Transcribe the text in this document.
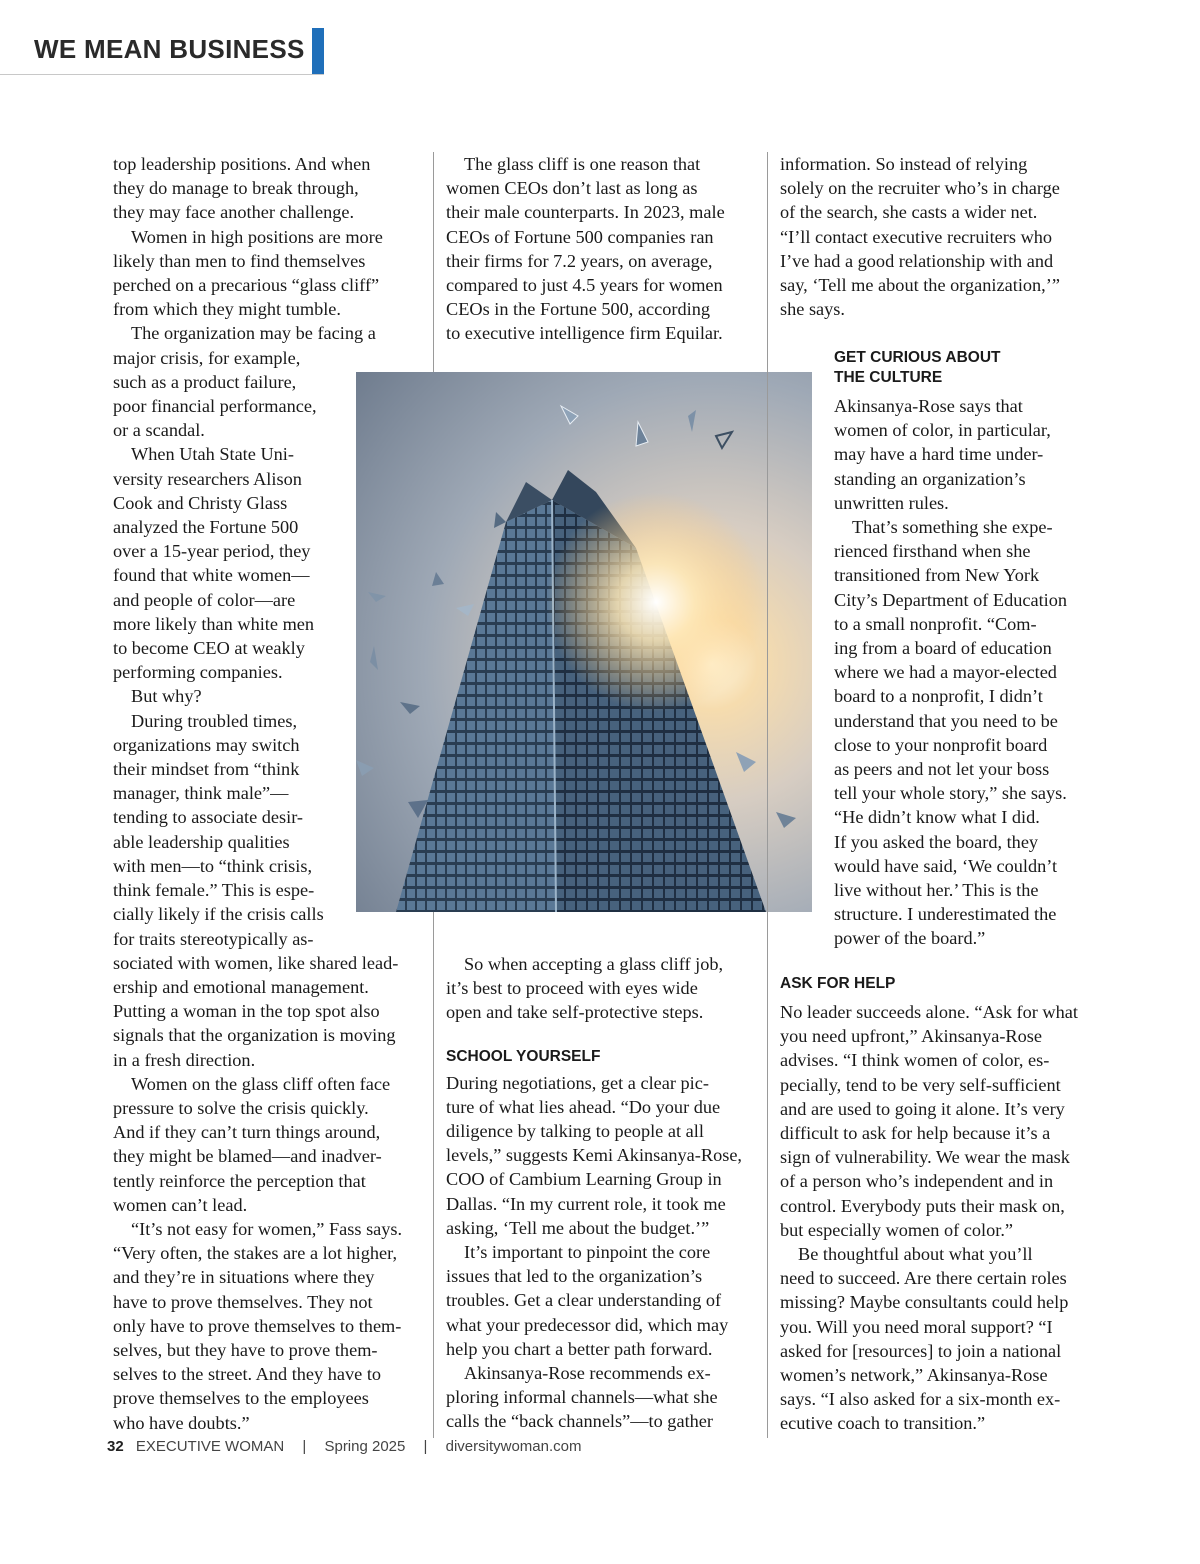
WE MEAN BUSINESS

top leadership positions. And when

they do manage to break through,

they may face another challenge.

Women in high positions are more

likely than men to find themselves

perched on a precarious “glass cliff”

from which they might tumble.

The organization may be facing a

major crisis, for example,

such as a product failure,

poor financial performance,

or a scandal.

When Utah State Uni-

versity researchers Alison

Cook and Christy Glass

analyzed the Fortune 500

over a 15-year period, they

found that white women—

and people of color—are

more likely than white men

to become CEO at weakly

performing companies.

But why?

During troubled times,

organizations may switch

their mindset from “think

manager, think male”—

tending to associate desir-

able leadership qualities

with men—to “think crisis,

think female.” This is espe-

cially likely if the crisis calls

for traits stereotypically as-

sociated with women, like shared lead-

ership and emotional management.

Putting a woman in the top spot also

signals that the organization is moving

in a fresh direction.

Women on the glass cliff often face

pressure to solve the crisis quickly.

And if they can’t turn things around,

they might be blamed—and inadver-

tently reinforce the perception that

women can’t lead.

“It’s not easy for women,” Fass says.

“Very often, the stakes are a lot higher,

and they’re in situations where they

have to prove themselves. They not

only have to prove themselves to them-

selves, but they have to prove them-

selves to the street. And they have to

prove themselves to the employees

who have doubts.”

The glass cliff is one reason that

women CEOs don’t last as long as

their male counterparts. In 2023, male

CEOs of Fortune 500 companies ran

their firms for 7.2 years, on average,

compared to just 4.5 years for women

CEOs in the Fortune 500, according

to executive intelligence firm Equilar.

So when accepting a glass cliff job,

it’s best to proceed with eyes wide

open and take self-protective steps.

SCHOOL YOURSELF

During negotiations, get a clear pic-

ture of what lies ahead. “Do your due

diligence by talking to people at all

levels,” suggests Kemi Akinsanya-Rose,

COO of Cambium Learning Group in

Dallas. “In my current role, it took me

asking, ‘Tell me about the budget.’”

It’s important to pinpoint the core

issues that led to the organization’s

troubles. Get a clear understanding of

what your predecessor did, which may

help you chart a better path forward.

Akinsanya-Rose recommends ex-

ploring informal channels—what she

calls the “back channels”—to gather

information. So instead of relying

solely on the recruiter who’s in charge

of the search, she casts a wider net.

“I’ll contact executive recruiters who

I’ve had a good relationship with and

say, ‘Tell me about the organization,’”

she says.

GET CURIOUS ABOUT
THE CULTURE

Akinsanya-Rose says that

women of color, in particular,

may have a hard time under-

standing an organization’s

unwritten rules.

That’s something she expe-

rienced firsthand when she

transitioned from New York

City’s Department of Education

to a small nonprofit. “Com-

ing from a board of education

where we had a mayor-elected

board to a nonprofit, I didn’t

understand that you need to be

close to your nonprofit board

as peers and not let your boss

tell your whole story,” she says.

“He didn’t know what I did.

If you asked the board, they

would have said, ‘We couldn’t

live without her.’ This is the

structure. I underestimated the

power of the board.”

ASK FOR HELP

No leader succeeds alone. “Ask for what

you need upfront,” Akinsanya-Rose

advises. “I think women of color, es-

pecially, tend to be very self-sufficient

and are used to going it alone. It’s very

difficult to ask for help because it’s a

sign of vulnerability. We wear the mask

of a person who’s independent and in

control. Everybody puts their mask on,

but especially women of color.”

Be thoughtful about what you’ll

need to succeed. Are there certain roles

missing? Maybe consultants could help

you. Will you need moral support? “I

asked for [resources] to join a national

women’s network,” Akinsanya-Rose

says. “I also asked for a six-month ex-

ecutive coach to transition.”

32 EXECUTIVE WOMAN | Spring 2025 | diversitywoman.com
